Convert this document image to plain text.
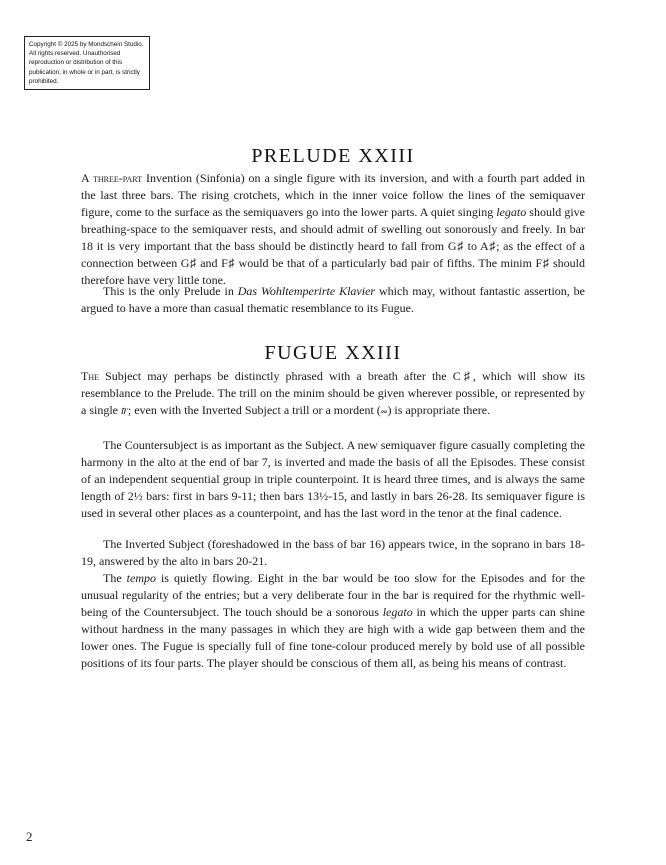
Copyright © 2025 by Mondschein Studio. All rights reserved. Unauthorised reproduction or distribution of this publication, in whole or in part, is strictly prohibited.
PRELUDE XXIII

A three-part Invention (Sinfonia) on a single figure with its inversion, and with a fourth part added in the last three bars. The rising crotchets, which in the inner voice follow the lines of the semiquaver figure, come to the surface as the semiquavers go into the lower parts. A quiet singing legato should give breathing-space to the semiquaver rests, and should admit of swelling out sonorously and freely. In bar 18 it is very important that the bass should be distinctly heard to fall from G♯ to A♯; as the effect of a connection between G♯ and F♯ would be that of a particularly bad pair of fifths. The minim F♯ should therefore have very little tone.

This is the only Prelude in Das Wohltemperirte Klavier which may, without fantastic assertion, be argued to have a more than casual thematic resemblance to its Fugue.

FUGUE XXIII

The Subject may perhaps be distinctly phrased with a breath after the C♯, which will show its resemblance to the Prelude. The trill on the minim should be given wherever possible, or represented by a single 𝆖; even with the Inverted Subject a trill or a mordent (𝆗) is appropriate there.

The Countersubject is as important as the Subject. A new semiquaver figure casually completing the harmony in the alto at the end of bar 7, is inverted and made the basis of all the Episodes. These consist of an independent sequential group in triple counterpoint. It is heard three times, and is always the same length of 2½ bars: first in bars 9-11; then bars 13½-15, and lastly in bars 26-28. Its semiquaver figure is used in several other places as a counterpoint, and has the last word in the tenor at the final cadence.

The Inverted Subject (foreshadowed in the bass of bar 16) appears twice, in the soprano in bars 18-19, answered by the alto in bars 20-21.

The tempo is quietly flowing. Eight in the bar would be too slow for the Episodes and for the unusual regularity of the entries; but a very deliberate four in the bar is required for the rhythmic well-being of the Countersubject. The touch should be a sonorous legato in which the upper parts can shine without hardness in the many passages in which they are high with a wide gap between them and the lower ones. The Fugue is specially full of fine tone-colour produced merely by bold use of all possible positions of its four parts. The player should be conscious of them all, as being his means of contrast.

2
